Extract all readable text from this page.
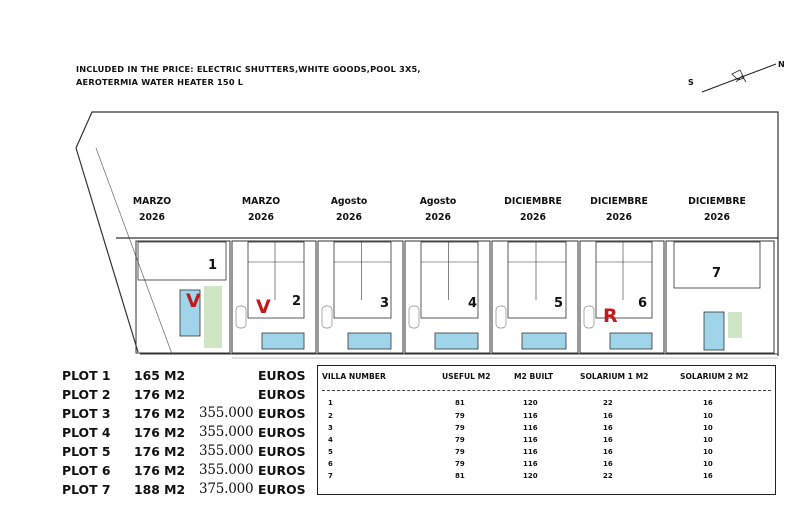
INCLUDED IN THE PRICE: ELECTRIC SHUTTERS,WHITE GOODS,POOL 3X5,
AEROTERMIA WATER HEATER 150 L	S
N
MARZO
2026
MARZO
2026
Agosto
2026
Agosto
2026
DICIEMBRE
2026
DICIEMBRE
2026
DICIEMBRE
2026
1
2	3	4	5	6
7
V	V	R
PLOT 1 165 M2	EUROS
PLOT 2 176 M2	EUROS
PLOT 3 176 M2 355.000 EUROS
PLOT 4 176 M2 355.000 EUROS
PLOT 5 176 M2 355.000 EUROS
PLOT 6 176 M2 355.000 EUROS
PLOT 7 188 M2 375.000 EUROS
VILLA NUMBER	USEFUL M2	M2 BUILT	SOLARIUM 1 M2	SOLARIUM 2 M2
1	81	120	22	16
2	79	116	16	10
3	79	116	16	10
4	79	116	16	10
5	79	116	16	10
6	79	116	16	10
7	81	120	22	16
